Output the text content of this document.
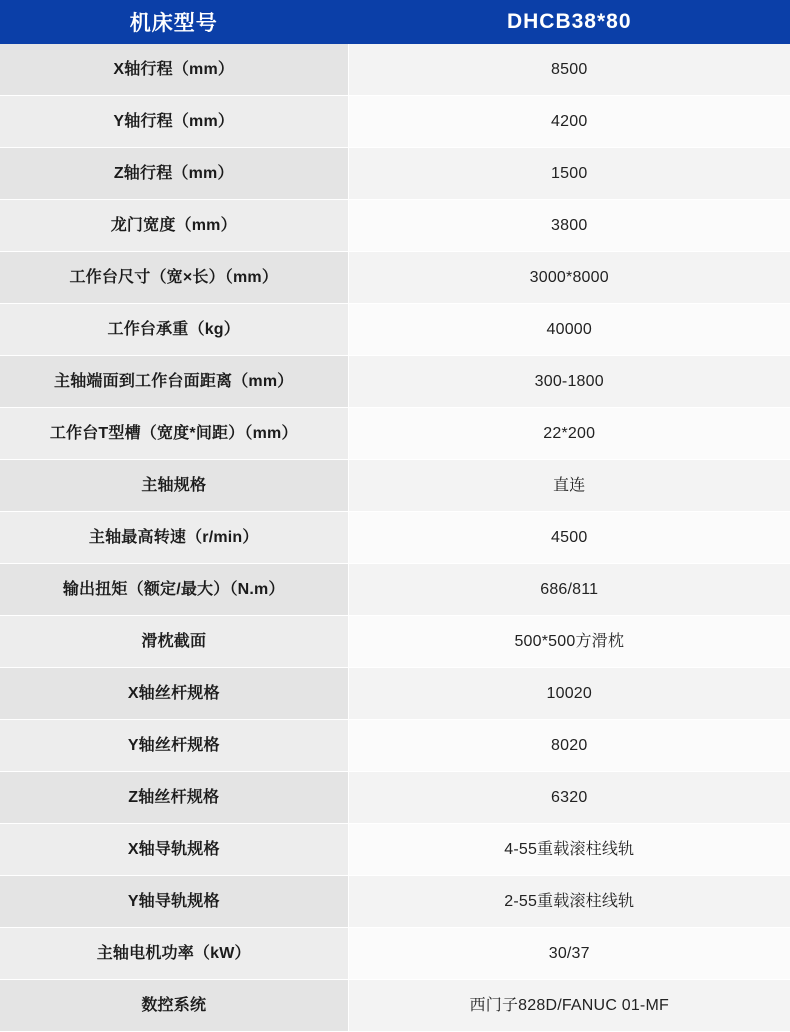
机床型号	DHCB38*80
X轴行程（mm）	8500
Y轴行程（mm）	4200
Z轴行程（mm）	1500
龙门宽度（mm）	3800
工作台尺寸（宽×长）（mm）	3000*8000
工作台承重（kg）	40000
主轴端面到工作台面距离（mm）	300-1800
工作台T型槽（宽度*间距）（mm）	22*200
主轴规格	直连
主轴最高转速（r/min）	4500
输出扭矩（额定/最大）（N.m）	686/811
滑枕截面	500*500方滑枕
X轴丝杆规格	10020
Y轴丝杆规格	8020
Z轴丝杆规格	6320
X轴导轨规格	4-55重载滚柱线轨
Y轴导轨规格	2-55重载滚柱线轨
主轴电机功率（kW）	30/37
数控系统	西门子828D/FANUC 01-MF
